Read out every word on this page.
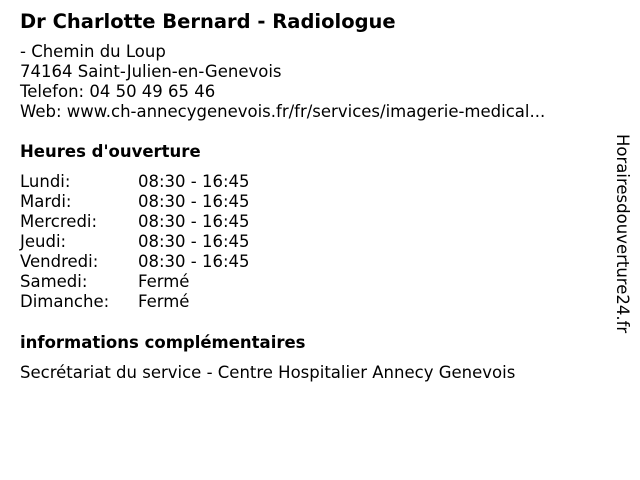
Dr Charlotte Bernard - Radiologue
- Chemin du Loup
74164 Saint-Julien-en-Genevois
Telefon: 04 50 49 65 46
Web: www.ch-annecygenevois.fr/fr/services/imagerie-medical...
Heures d'ouverture
Lundi:	08:30 - 16:45
Mardi:	08:30 - 16:45
Mercredi: 08:30 - 16:45
Jeudi:	08:30 - 16:45
Vendredi: 08:30 - 16:45
Samedi:	Fermé
Dimanche: Fermé
informations complémentaires
Secrétariat du service - Centre Hospitalier Annecy Genevois
Horairesdouverture24.fr
